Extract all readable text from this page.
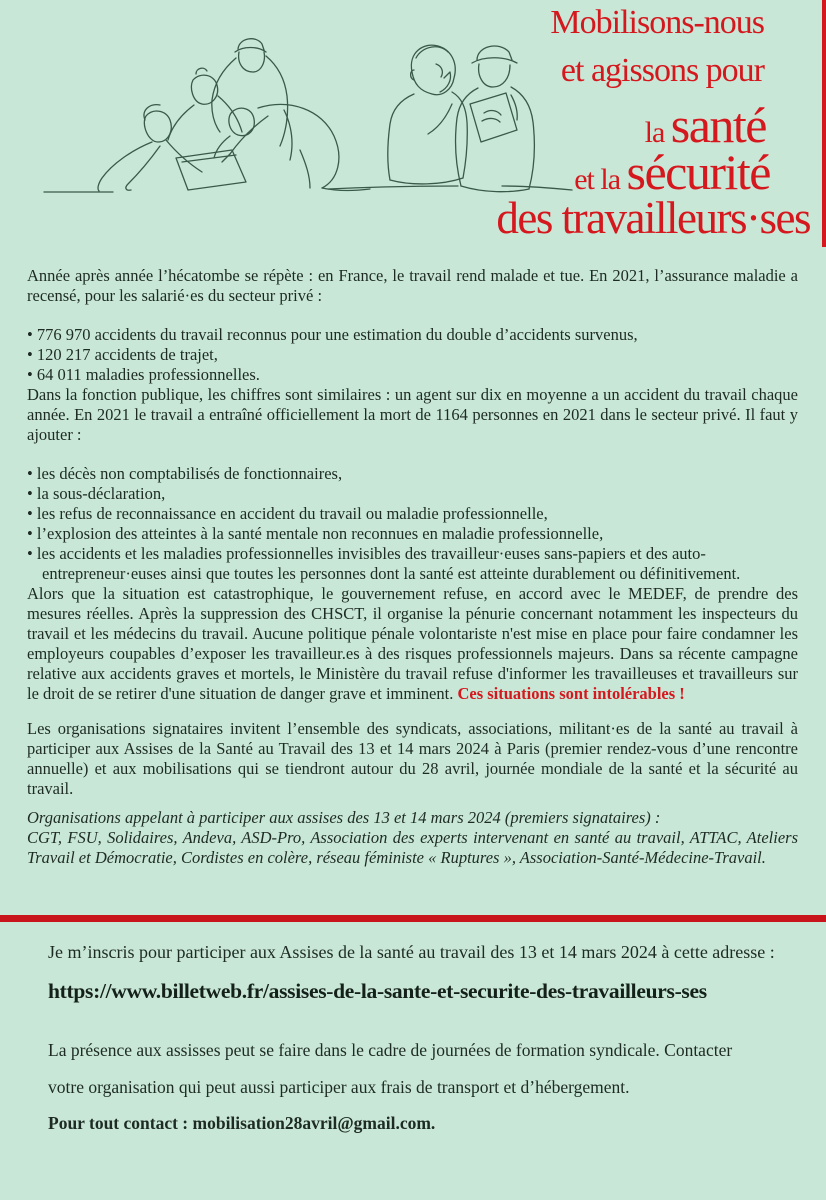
Mobilisons-nous
et agissons pour
la santé
et la sécurité
des travailleurs·ses

Année après année l’hécatombe se répète : en France, le travail rend malade et tue. En 2021, l’assurance maladie a recensé, pour les salarié·es du secteur privé :

• 776 970 accidents du travail reconnus pour une estimation du double d’accidents survenus,
• 120 217 accidents de trajet,
• 64 011 maladies professionnelles.

Dans la fonction publique, les chiffres sont similaires : un agent sur dix en moyenne a un accident du travail chaque année. En 2021 le travail a entraîné officiellement la mort de 1164 personnes en 2021 dans le secteur privé. Il faut y ajouter :

• les décès non comptabilisés de fonctionnaires,
• la sous-déclaration,
• les refus de reconnaissance en accident du travail ou maladie professionnelle,
• l’explosion des atteintes à la santé mentale non reconnues en maladie professionnelle,
• les accidents et les maladies professionnelles invisibles des travailleur·euses sans-papiers et des auto-entrepreneur·euses ainsi que toutes les personnes dont la santé est atteinte durablement ou définitivement.

Alors que la situation est catastrophique, le gouvernement refuse, en accord avec le MEDEF, de prendre des mesures réelles. Après la suppression des CHSCT, il organise la pénurie concernant notamment les inspecteurs du travail et les médecins du travail. Aucune politique pénale volontariste n'est mise en place pour faire condamner les employeurs coupables d’exposer les travailleur.es à des risques professionnels majeurs. Dans sa récente campagne relative aux accidents graves et mortels, le Ministère du travail refuse d'informer les travailleuses et travailleurs sur le droit de se retirer d'une situation de danger grave et imminent. Ces situations sont intolérables !

Les organisations signataires invitent l’ensemble des syndicats, associations, militant·es de la santé au travail à participer aux Assises de la Santé au Travail des 13 et 14 mars 2024 à Paris (premier rendez-vous d’une rencontre annuelle) et aux mobilisations qui se tiendront autour du 28 avril, journée mondiale de la santé et la sécurité au travail.

Organisations appelant à participer aux assises des 13 et 14 mars 2024 (premiers signataires) :

CGT, FSU, Solidaires, Andeva, ASD-Pro, Association des experts intervenant en santé au travail, ATTAC, Ateliers Travail et Démocratie, Cordistes en colère, réseau féministe « Ruptures », Association-Santé-Médecine-Travail.

Je m’inscris pour participer aux Assises de la santé au travail des 13 et 14 mars 2024 à cette adresse :

https://www.billetweb.fr/assises-de-la-sante-et-securite-des-travailleurs-ses

La présence aux assisses peut se faire dans le cadre de journées de formation syndicale. Contacter

votre organisation qui peut aussi participer aux frais de transport et d’hébergement.

Pour tout contact : mobilisation28avril@gmail.com.
